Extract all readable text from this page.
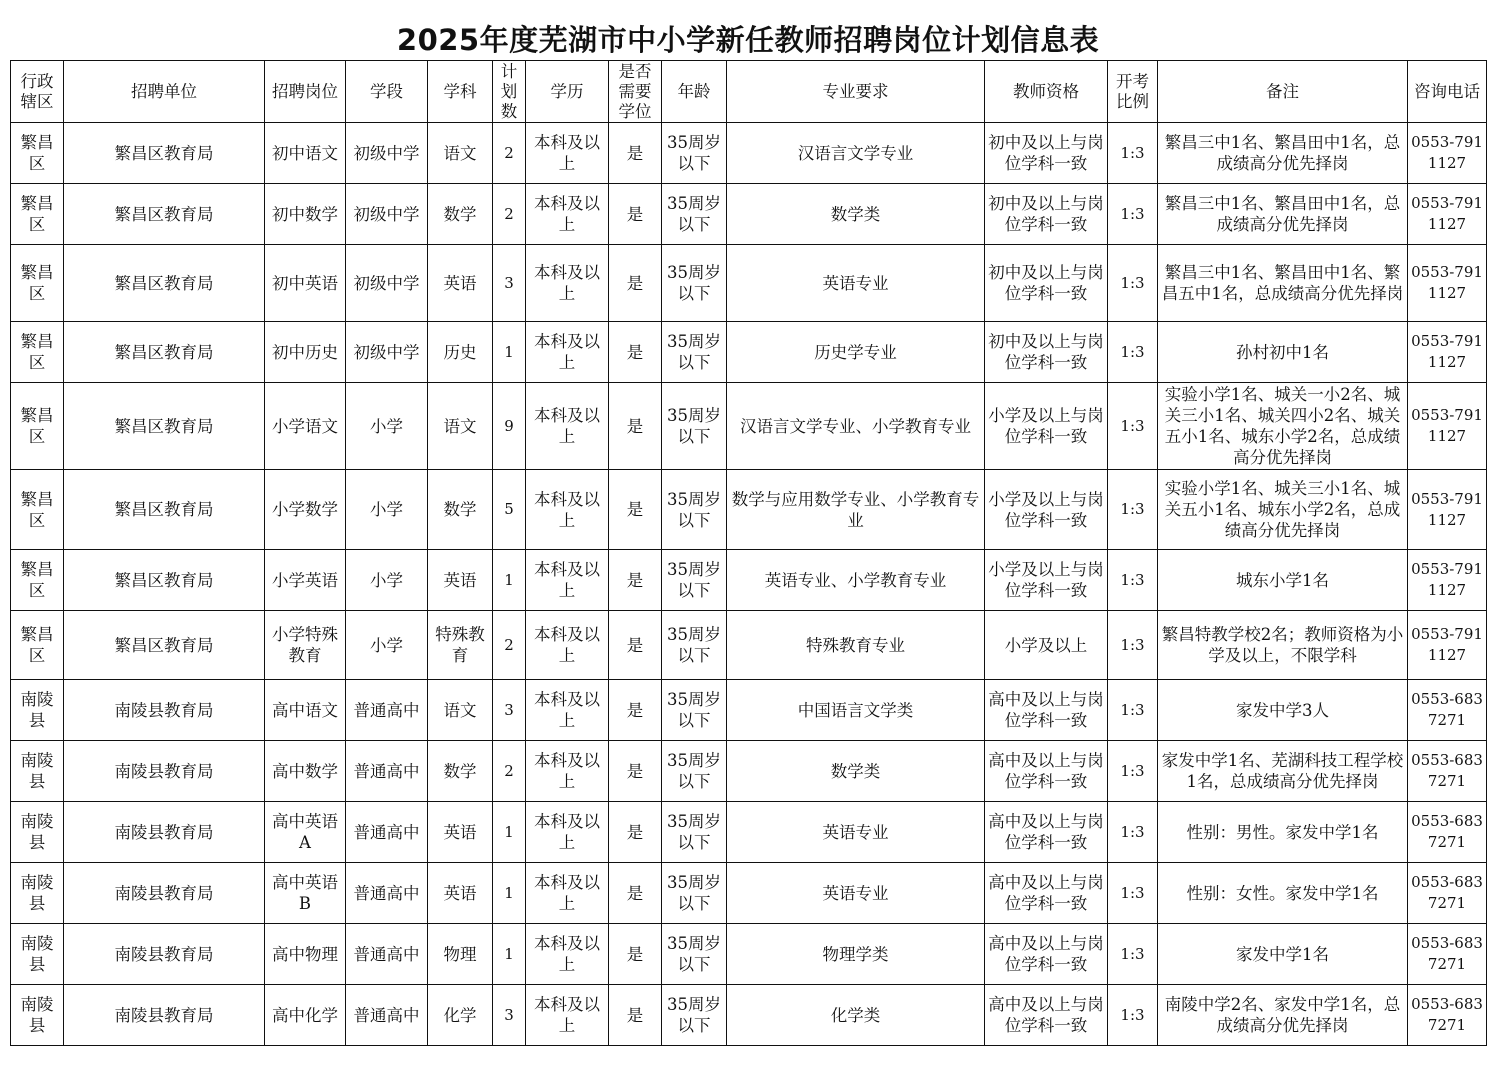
2025年度芜湖市中小学新任教师招聘岗位计划信息表
行政辖区	招聘单位	招聘岗位	学段	学科	计划数	学历	是否需要学位	年龄	专业要求	教师资格	开考比例	备注	咨询电话
繁昌区	繁昌区教育局	初中语文	初级中学	语文	2	本科及以上	是	35周岁以下	汉语言文学专业	初中及以上与岗位学科一致	1:3	繁昌三中1名、繁昌田中1名，总成绩高分优先择岗	0553-7911127
繁昌区	繁昌区教育局	初中数学	初级中学	数学	2	本科及以上	是	35周岁以下	数学类	初中及以上与岗位学科一致	1:3	繁昌三中1名、繁昌田中1名，总成绩高分优先择岗	0553-7911127
繁昌区	繁昌区教育局	初中英语	初级中学	英语	3	本科及以上	是	35周岁以下	英语专业	初中及以上与岗位学科一致	1:3	繁昌三中1名、繁昌田中1名、繁昌五中1名，总成绩高分优先择岗	0553-7911127
繁昌区	繁昌区教育局	初中历史	初级中学	历史	1	本科及以上	是	35周岁以下	历史学专业	初中及以上与岗位学科一致	1:3	孙村初中1名	0553-7911127
繁昌区	繁昌区教育局	小学语文	小学	语文	9	本科及以上	是	35周岁以下	汉语言文学专业、小学教育专业	小学及以上与岗位学科一致	1:3	实验小学1名、城关一小2名、城关三小1名、城关四小2名、城关五小1名、城东小学2名，总成绩高分优先择岗	0553-7911127
繁昌区	繁昌区教育局	小学数学	小学	数学	5	本科及以上	是	35周岁以下	数学与应用数学专业、小学教育专业	小学及以上与岗位学科一致	1:3	实验小学1名、城关三小1名、城关五小1名、城东小学2名，总成绩高分优先择岗	0553-7911127
繁昌区	繁昌区教育局	小学英语	小学	英语	1	本科及以上	是	35周岁以下	英语专业、小学教育专业	小学及以上与岗位学科一致	1:3	城东小学1名	0553-7911127
繁昌区	繁昌区教育局	小学特殊教育	小学	特殊教育	2	本科及以上	是	35周岁以下	特殊教育专业	小学及以上	1:3	繁昌特教学校2名；教师资格为小学及以上，不限学科	0553-7911127
南陵县	南陵县教育局	高中语文	普通高中	语文	3	本科及以上	是	35周岁以下	中国语言文学类	高中及以上与岗位学科一致	1:3	家发中学3人	0553-6837271
南陵县	南陵县教育局	高中数学	普通高中	数学	2	本科及以上	是	35周岁以下	数学类	高中及以上与岗位学科一致	1:3	家发中学1名、芜湖科技工程学校1名，总成绩高分优先择岗	0553-6837271
南陵县	南陵县教育局	高中英语A	普通高中	英语	1	本科及以上	是	35周岁以下	英语专业	高中及以上与岗位学科一致	1:3	性别：男性。家发中学1名	0553-6837271
南陵县	南陵县教育局	高中英语B	普通高中	英语	1	本科及以上	是	35周岁以下	英语专业	高中及以上与岗位学科一致	1:3	性别：女性。家发中学1名	0553-6837271
南陵县	南陵县教育局	高中物理	普通高中	物理	1	本科及以上	是	35周岁以下	物理学类	高中及以上与岗位学科一致	1:3	家发中学1名	0553-6837271
南陵县	南陵县教育局	高中化学	普通高中	化学	3	本科及以上	是	35周岁以下	化学类	高中及以上与岗位学科一致	1:3	南陵中学2名、家发中学1名，总成绩高分优先择岗	0553-6837271
